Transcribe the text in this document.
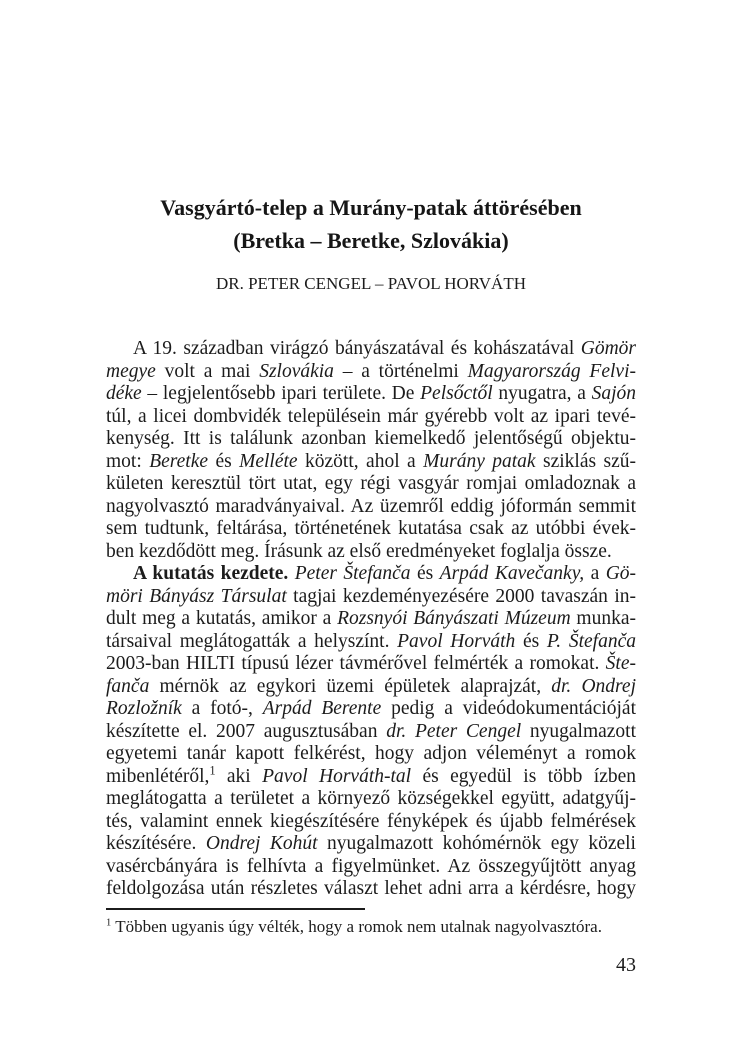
Vasgyártó-telep a Murány-patak áttörésében
(Bretka – Beretke, Szlovákia)
DR. PETER CENGEL – PAVOL HORVÁTH
A 19. században virágzó bányászatával és kohászatával Gömör
megye volt a mai Szlovákia – a történelmi Magyarország Felvi-
déke – legjelentősebb ipari területe. De Pelsőctől nyugatra, a Sajón
túl, a licei dombvidék településein már gyérebb volt az ipari tevé-
kenység. Itt is találunk azonban kiemelkedő jelentőségű objektu-
mot: Beretke és Melléte között, ahol a Murány patak sziklás szű-
kületen keresztül tört utat, egy régi vasgyár romjai omladoznak a
nagyolvasztó maradványaival. Az üzemről eddig jóformán semmit
sem tudtunk, feltárása, történetének kutatása csak az utóbbi évek-
ben kezdődött meg. Írásunk az első eredményeket foglalja össze.
A kutatás kezdete. Peter Štefanča és Arpád Kavečanky, a Gö-
möri Bányász Társulat tagjai kezdeményezésére 2000 tavaszán in-
dult meg a kutatás, amikor a Rozsnyói Bányászati Múzeum munka-
társaival meglátogatták a helyszínt. Pavol Horváth és P. Štefanča
2003-ban HILTI típusú lézer távmérővel felmérték a romokat. Šte-
fanča mérnök az egykori üzemi épületek alaprajzát, dr. Ondrej
Rozložník a fotó-, Arpád Berente pedig a videódokumentációját
készítette el. 2007 augusztusában dr. Peter Cengel nyugalmazott
egyetemi tanár kapott felkérést, hogy adjon véleményt a romok
mibenlétéről,$^1$ aki Pavol Horváth-tal és egyedül is több ízben
meglátogatta a területet a környező községekkel együtt, adatgyűj-
tés, valamint ennek kiegészítésére fényképek és újabb felmérések
készítésére. Ondrej Kohút nyugalmazott kohómérnök egy közeli
vasércbányára is felhívta a figyelmünket. Az összegyűjtött anyag
feldolgozása után részletes választ lehet adni arra a kérdésre, hogy
$^1$ Többen ugyanis úgy vélték, hogy a romok nem utalnak nagyolvasztóra.
43
